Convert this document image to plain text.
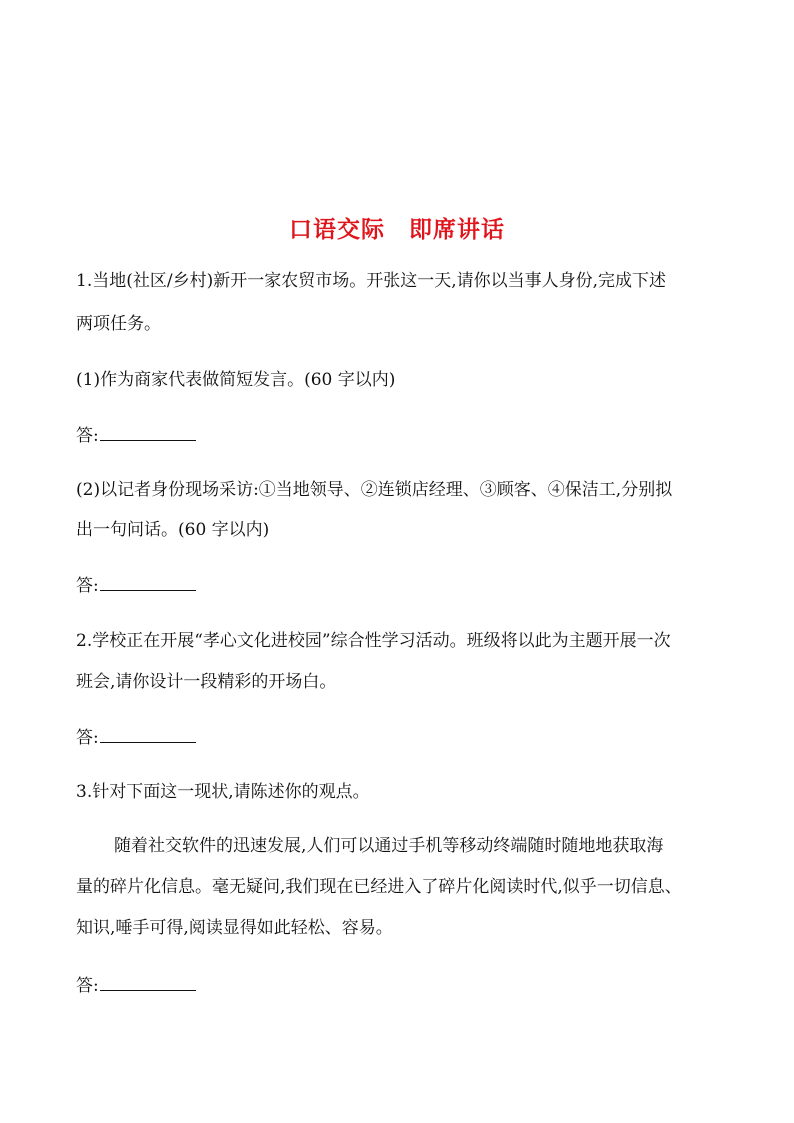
口语交际　即席讲话
1.当地(社区/乡村)新开一家农贸市场。开张这一天,请你以当事人身份,完成下述
两项任务。
(1)作为商家代表做简短发言。(60 字以内)
答:
(2)以记者身份现场采访:①当地领导、②连锁店经理、③顾客、④保洁工,分别拟
出一句问话。(60 字以内)
答:
2.学校正在开展“孝心文化进校园”综合性学习活动。班级将以此为主题开展一次
班会,请你设计一段精彩的开场白。
答:
3.针对下面这一现状,请陈述你的观点。
随着社交软件的迅速发展,人们可以通过手机等移动终端随时随地地获取海
量的碎片化信息。毫无疑问,我们现在已经进入了碎片化阅读时代,似乎一切信息、
知识,唾手可得,阅读显得如此轻松、容易。
答:
